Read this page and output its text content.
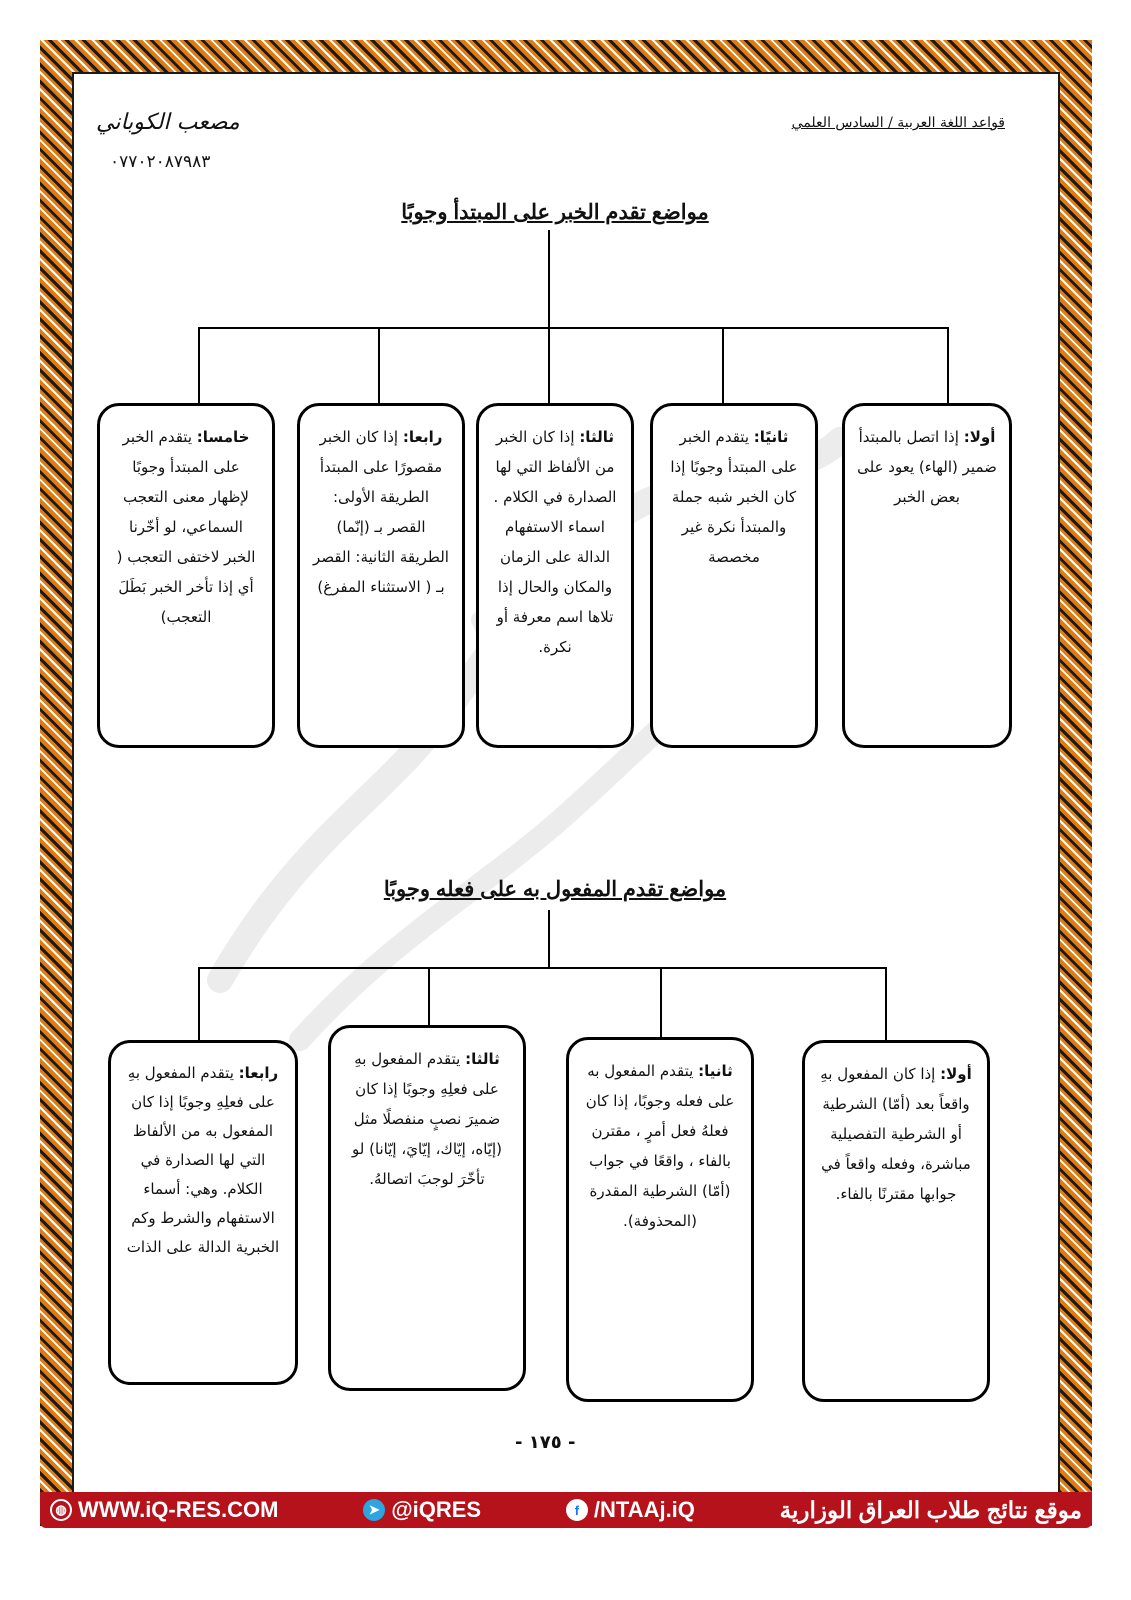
قواعد اللغة العربية / السادس العلمي
مصعب الكوباني
٠٧٧٠٢٠٨٧٩٨٣
مواضع تقدم الخبر على المبتدأ وجوبًا
أولا: إذا اتصل بالمبتدأ ضمير (الهاء) يعود على بعض الخبر
ثانيًا: يتقدم الخبر على المبتدأ وجوبًا إذا كان الخبر شبه جملة والمبتدأ نكرة غير مخصصة
ثالثا: إذا كان الخبر من الألفاظ التي لها الصدارة في الكلام . اسماء الاستفهام الدالة على الزمان والمكان والحال إذا تلاها اسم معرفة أو نكرة.
رابعا: إذا كان الخبر مقصورًا على المبتدأ الطريقة الأولى: القصر بـ (إنّما) الطريقة الثانية: القصر بـ ( الاستثناء المفرغ)
خامسا: يتقدم الخبر على المبتدأ وجوبًا لإظهار معنى التعجب السماعي، لو أخّرنا الخبر لاختفى التعجب ( أي إذا تأخر الخبر بَطَلَ التعجب)
مواضع تقدم المفعول به على فعله وجوبًا
أولا: إذا كان المفعول بهِ واقعاً بعد (أمّا) الشرطية أو الشرطية التفصيلية مباشرة، وفعله واقعاً في جوابها مقترنًا بالفاء.
ثانيا: يتقدم المفعول به على فعله وجوبًا، إذا كان فعلهُ فعل أمرٍ ، مقترن بالفاء ، واقعًا في جواب (أمّا) الشرطية المقدرة (المحذوفة).
ثالثا: يتقدم المفعول بهِ على فعلِهِ وجوبًا إذا كان ضميرَ نصبٍ منفصلًا مثل (إيّاه، إيّاك، إيّايَ، إيّانا) لو تأخّرَ لوجبَ اتصالهُ.
رابعا: يتقدم المفعول بهِ على فعلِهِ وجوبًا إذا كان المفعول به من الألفاظ التي لها الصدارة في الكلام. وهي: أسماء الاستفهام والشرط وكم الخبرية الدالة على الذات
- ١٧٥ -
◍ WWW.iQ-RES.COM	➤ @iQRES	f /NTAAj.iQ	موقع نتائج طلاب العراق الوزارية
